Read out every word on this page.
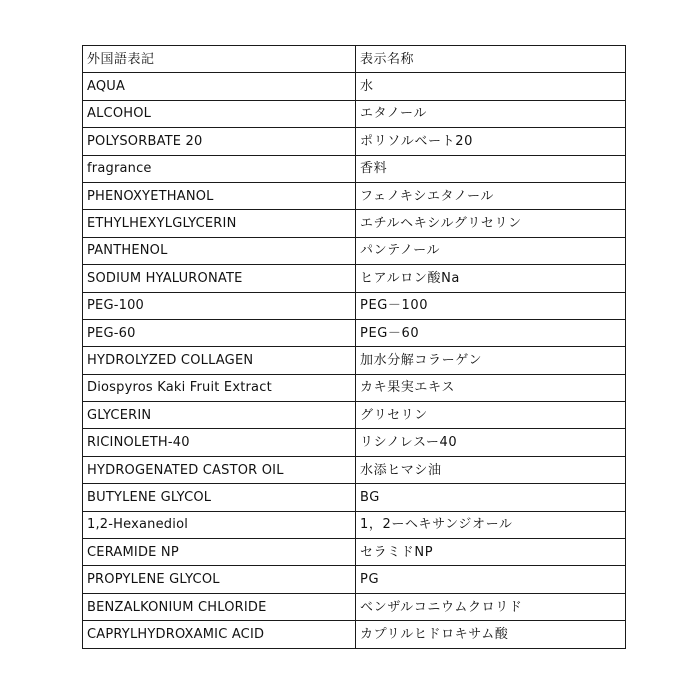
外国語表記	表示名称
AQUA	水
ALCOHOL	エタノール
POLYSORBATE 20	ポリソルベート20
fragrance	香料
PHENOXYETHANOL	フェノキシエタノール
ETHYLHEXYLGLYCERIN	エチルヘキシルグリセリン
PANTHENOL	パンテノール
SODIUM HYALURONATE	ヒアルロン酸Na
PEG-100	PEG－100
PEG-60	PEG－60
HYDROLYZED COLLAGEN	加水分解コラーゲン
Diospyros Kaki Fruit Extract	カキ果実エキス
GLYCERIN	グリセリン
RICINOLETH-40	リシノレスー40
HYDROGENATED CASTOR OIL	水添ヒマシ油
BUTYLENE GLYCOL	BG
1,2-Hexanediol	1，2ーヘキサンジオール
CERAMIDE NP	セラミドNP
PROPYLENE GLYCOL	PG
BENZALKONIUM CHLORIDE	ベンザルコニウムクロリド
CAPRYLHYDROXAMIC ACID	カプリルヒドロキサム酸
